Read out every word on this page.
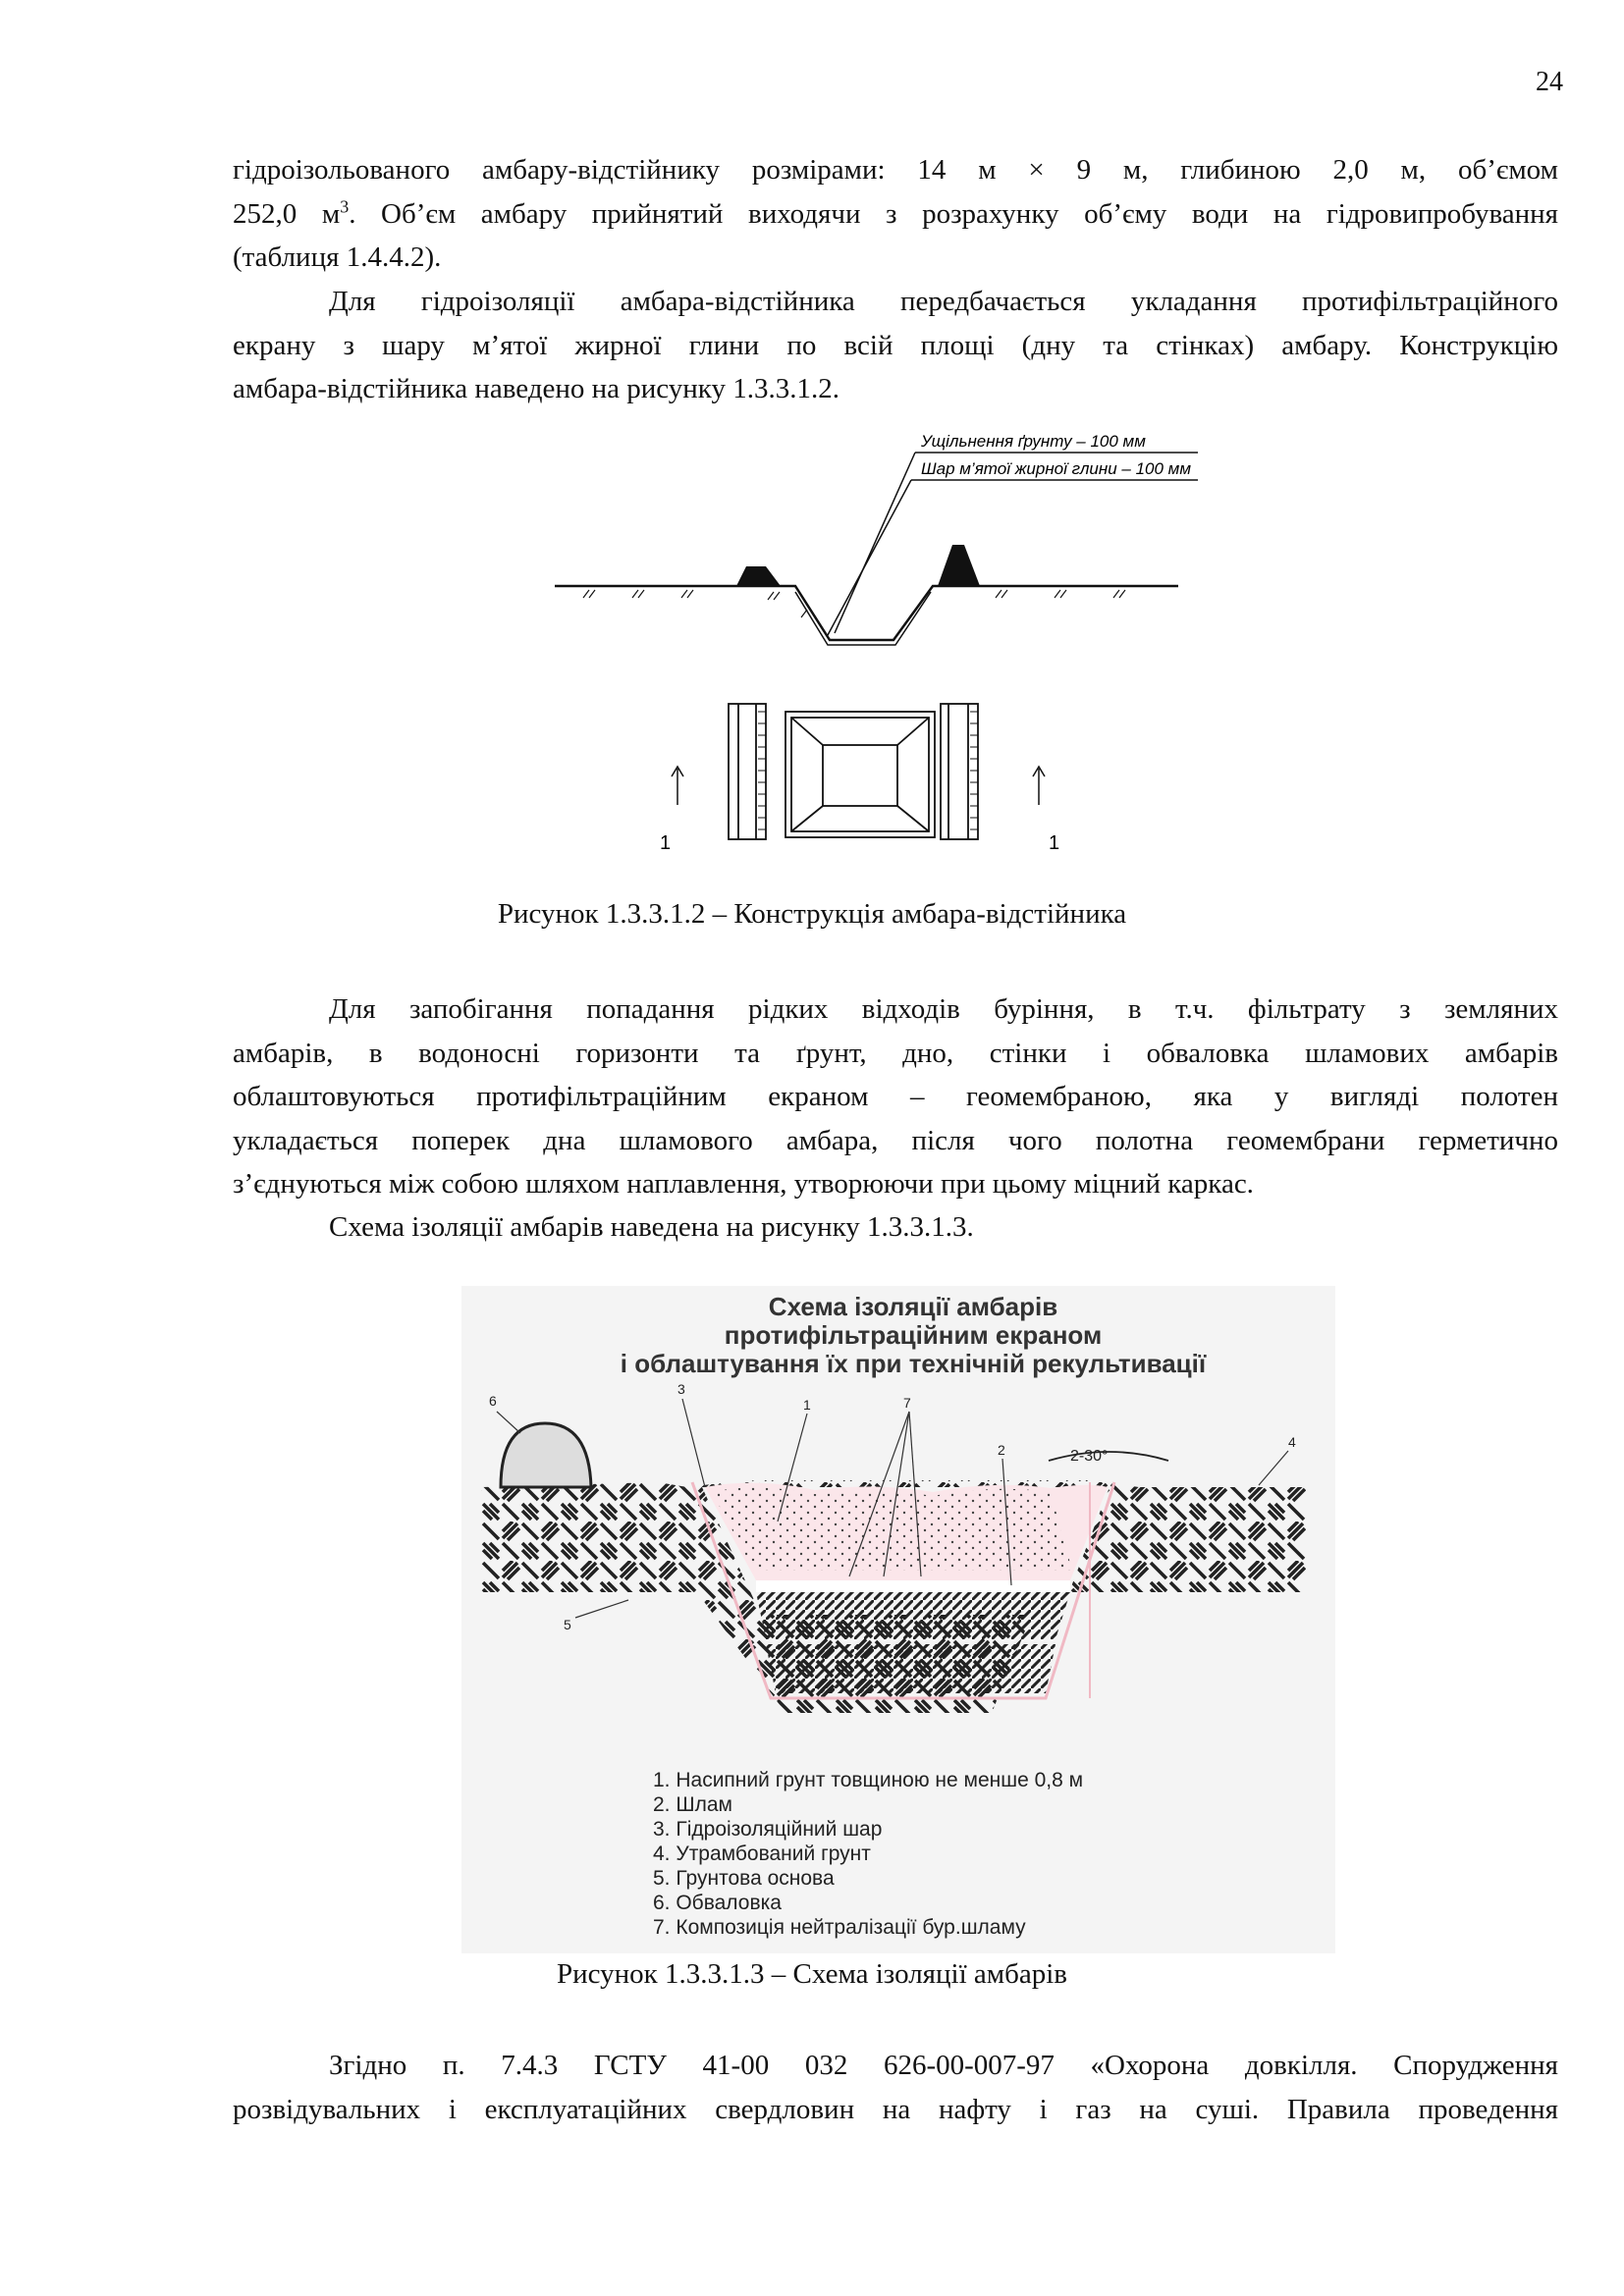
24
гідроізольованого амбару-відстійнику розмірами: 14 м × 9 м, глибиною 2,0 м, об’ємом
252,0 $м^3$. Об’єм амбару прийнятий виходячи з розрахунку об’єму води на гідровипробування
(таблиця 1.4.4.2).
Для гідроізоляції амбара-відстійника передбачається укладання протифільтраційного
екрану з шару м’ятої жирної глини по всій площі (дну та стінках) амбару. Конструкцію
амбара-відстійника наведено на рисунку 1.3.3.1.2.
Ущільнення ґрунту – 100 мм
Шар м’ятої жирної глини – 100 мм
1	1
Рисунок 1.3.3.1.2 – Конструкція амбара-відстійника
Для запобігання попадання рідких відходів буріння, в т.ч. фільтрату з земляних
амбарів, в водоносні горизонти та ґрунт, дно, стінки і обваловка шламових амбарів
облаштовуються протифільтраційним екраном – геомембраною, яка у вигляді полотен
укладається поперек дна шламового амбара, після чого полотна геомембрани герметично
з’єднуються між собою шляхом наплавлення, утворюючи при цьому міцний каркас.
Схема ізоляції амбарів наведена на рисунку 1.3.3.1.3.
Схема ізоляції амбарів
протифільтраційним екраном
і облаштування їх при технічній рекультивації
2-30°
6
3
1	7
2	4
5
1. Насипний грунт товщиною не менше 0,8 м
2. Шлам
3. Гідроізоляційний шар
4. Утрамбований грунт
5. Грунтова основа
6. Обваловка
7. Композиція нейтралізації бур.шламу
Рисунок 1.3.3.1.3 – Схема ізоляції амбарів
Згідно п. 7.4.3 ГСТУ 41-00 032 626-00-007-97 «Охорона довкілля. Спорудження
розвідувальних і експлуатаційних свердловин на нафту і газ на суші. Правила проведення
